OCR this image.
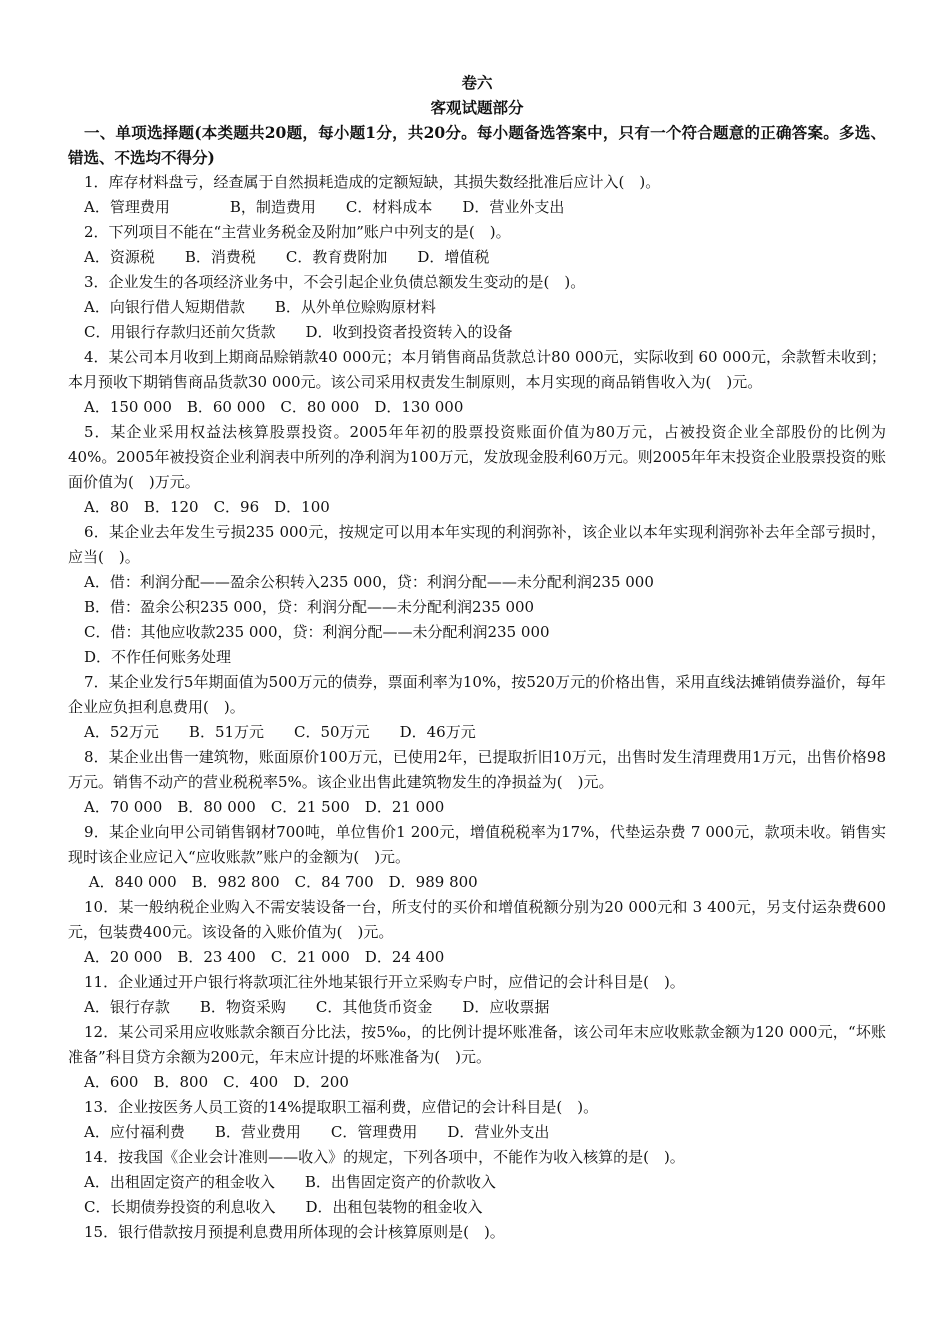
卷六

客观试题部分

一、单项选择题(本类题共20题，每小题1分，共20分。每小题备选答案中，只有一个符合题意的正确答案。多选、错选、不选均不得分)

1．库存材料盘亏，经查属于自然损耗造成的定额短缺，其损失数经批准后应计入(　)。

A．管理费用　　　　B，制造费用　　C．材料成本　　D．营业外支出

2．下列项目不能在“主营业务税金及附加”账户中列支的是(　)。

A．资源税　　B．消费税　　C．教育费附加　　D．增值税

3．企业发生的各项经济业务中，不会引起企业负债总额发生变动的是(　)。

A．向银行借人短期借款　　B．从外单位赊购原材料

C．用银行存款归还前欠货款　　D．收到投资者投资转入的设备

4．某公司本月收到上期商品赊销款40 000元；本月销售商品货款总计80 000元，实际收到 60 000元，余款暂未收到；本月预收下期销售商品货款30 000元。该公司采用权责发生制原则，本月实现的商品销售收入为(　)元。

A．150 000　B．60 000　C．80 000　D．130 000

5．某企业采用权益法核算股票投资。2005年年初的股票投资账面价值为80万元，占被投资企业全部股份的比例为40%。2005年被投资企业利润表中所列的净利润为100万元，发放现金股利60万元。则2005年年末投资企业股票投资的账面价值为(　)万元。

A．80　B．120　C．96　D．100

6．某企业去年发生亏损235 000元，按规定可以用本年实现的利润弥补，该企业以本年实现利润弥补去年全部亏损时，应当(　)。

A．借：利润分配——盈余公积转入235 000，贷：利润分配——未分配利润235 000

B．借：盈余公积235 000，贷：利润分配——未分配利润235 000

C．借：其他应收款235 000，贷：利润分配——未分配利润235 000

D．不作任何账务处理

7．某企业发行5年期面值为500万元的债券，票面利率为10%，按520万元的价格出售，采用直线法摊销债券溢价，每年企业应负担利息费用(　)。

A．52万元　　B．51万元　　C．50万元　　D．46万元

8．某企业出售一建筑物，账面原价100万元，已使用2年，已提取折旧10万元，出售时发生清理费用1万元，出售价格98万元。销售不动产的营业税税率5%。该企业出售此建筑物发生的净损益为(　)元。

A．70 000　B．80 000　C．21 500　D．21 000

9．某企业向甲公司销售钢材700吨，单位售价1 200元，增值税税率为17%，代垫运杂费 7 000元，款项未收。销售实现时该企业应记入“应收账款”账户的金额为(　)元。

A．840 000　B．982 800　C．84 700　D．989 800

10．某一般纳税企业购入不需安装设备一台，所支付的买价和增值税额分别为20 000元和 3 400元，另支付运杂费600元，包装费400元。该设备的入账价值为(　)元。

A．20 000　B．23 400　C．21 000　D．24 400

11．企业通过开户银行将款项汇往外地某银行开立采购专户时，应借记的会计科目是(　)。

A．银行存款　　B．物资采购　　C．其他货币资金　　D．应收票据

12．某公司采用应收账款余额百分比法，按5‰，的比例计提坏账准备，该公司年末应收账款金额为120 000元，“坏账准备”科目贷方余额为200元，年末应计提的坏账准备为(　)元。

A．600　B．800　C．400　D．200

13．企业按医务人员工资的14%提取职工福利费，应借记的会计科目是(　)。

A．应付福利费　　B．营业费用　　C．管理费用　　D．营业外支出

14．按我国《企业会计准则——收入》的规定，下列各项中，不能作为收入核算的是(　)。

A．出租固定资产的租金收入　　B．出售固定资产的价款收入

C．长期债券投资的利息收入　　D．出租包装物的租金收入

15．银行借款按月预提利息费用所体现的会计核算原则是(　)。
